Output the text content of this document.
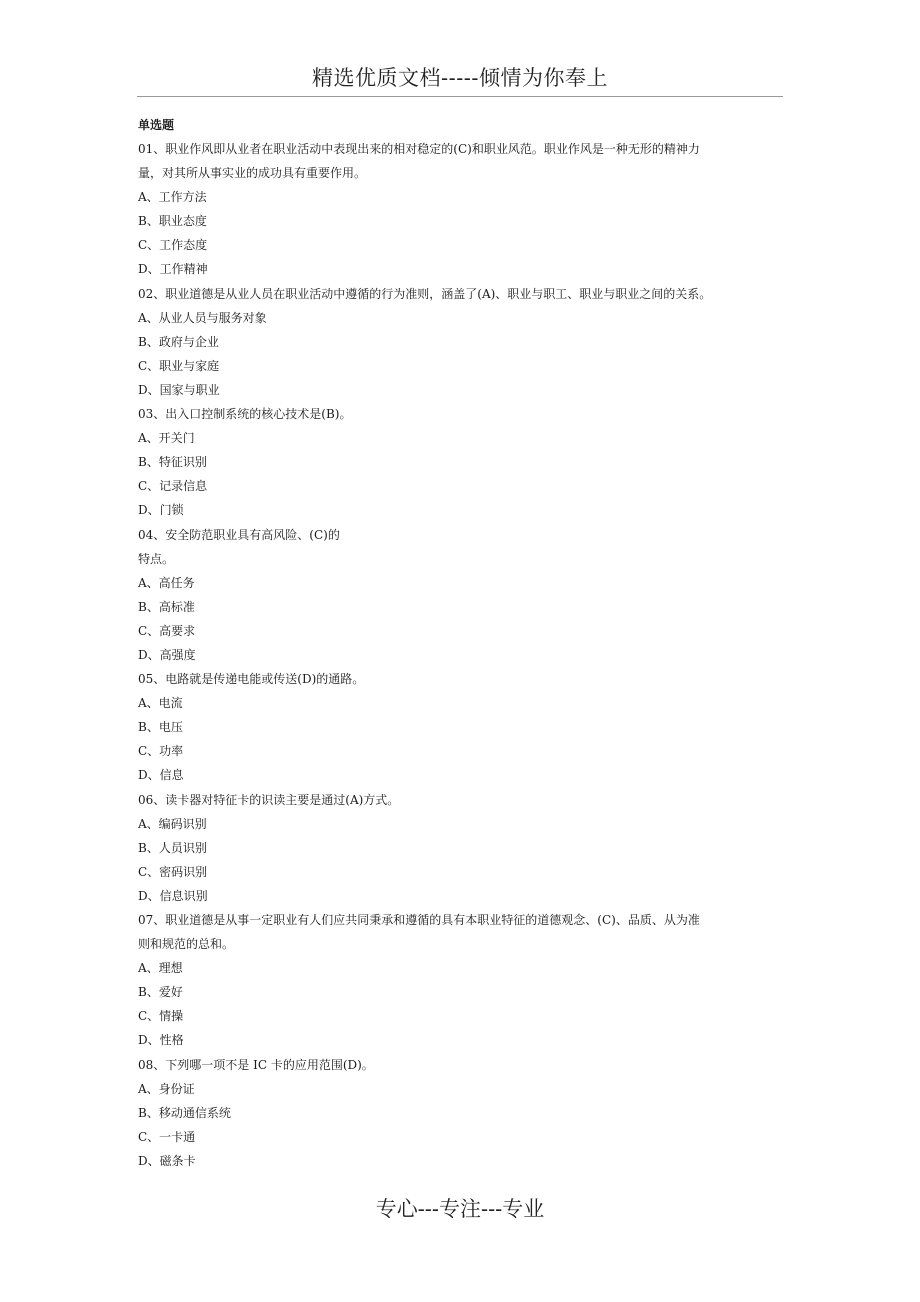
精选优质文档-----倾情为你奉上
单选题
01、职业作风即从业者在职业活动中表现出来的相对稳定的(C)和职业风范。职业作风是一种无形的精神力
量，对其所从事实业的成功具有重要作用。
A、工作方法
B、职业态度
C、工作态度
D、工作精神
02、职业道德是从业人员在职业活动中遵循的行为准则，涵盖了(A)、职业与职工、职业与职业之间的关系。
A、从业人员与服务对象
B、政府与企业
C、职业与家庭
D、国家与职业
03、出入口控制系统的核心技术是(B)。
A、开关门
B、特征识别
C、记录信息
D、门锁
04、安全防范职业具有高风险、(C)的
特点。
A、高任务
B、高标准
C、高要求
D、高强度
05、电路就是传递电能或传送(D)的通路。
A、电流
B、电压
C、功率
D、信息
06、读卡器对特征卡的识读主要是通过(A)方式。
A、编码识别
B、人员识别
C、密码识别
D、信息识别
07、职业道德是从事一定职业有人们应共同秉承和遵循的具有本职业特征的道德观念、(C)、品质、从为准
则和规范的总和。
A、理想
B、爱好
C、情操
D、性格
08、下列哪一项不是 IC 卡的应用范围(D)。
A、身份证
B、移动通信系统
C、一卡通
D、磁条卡
专心---专注---专业
